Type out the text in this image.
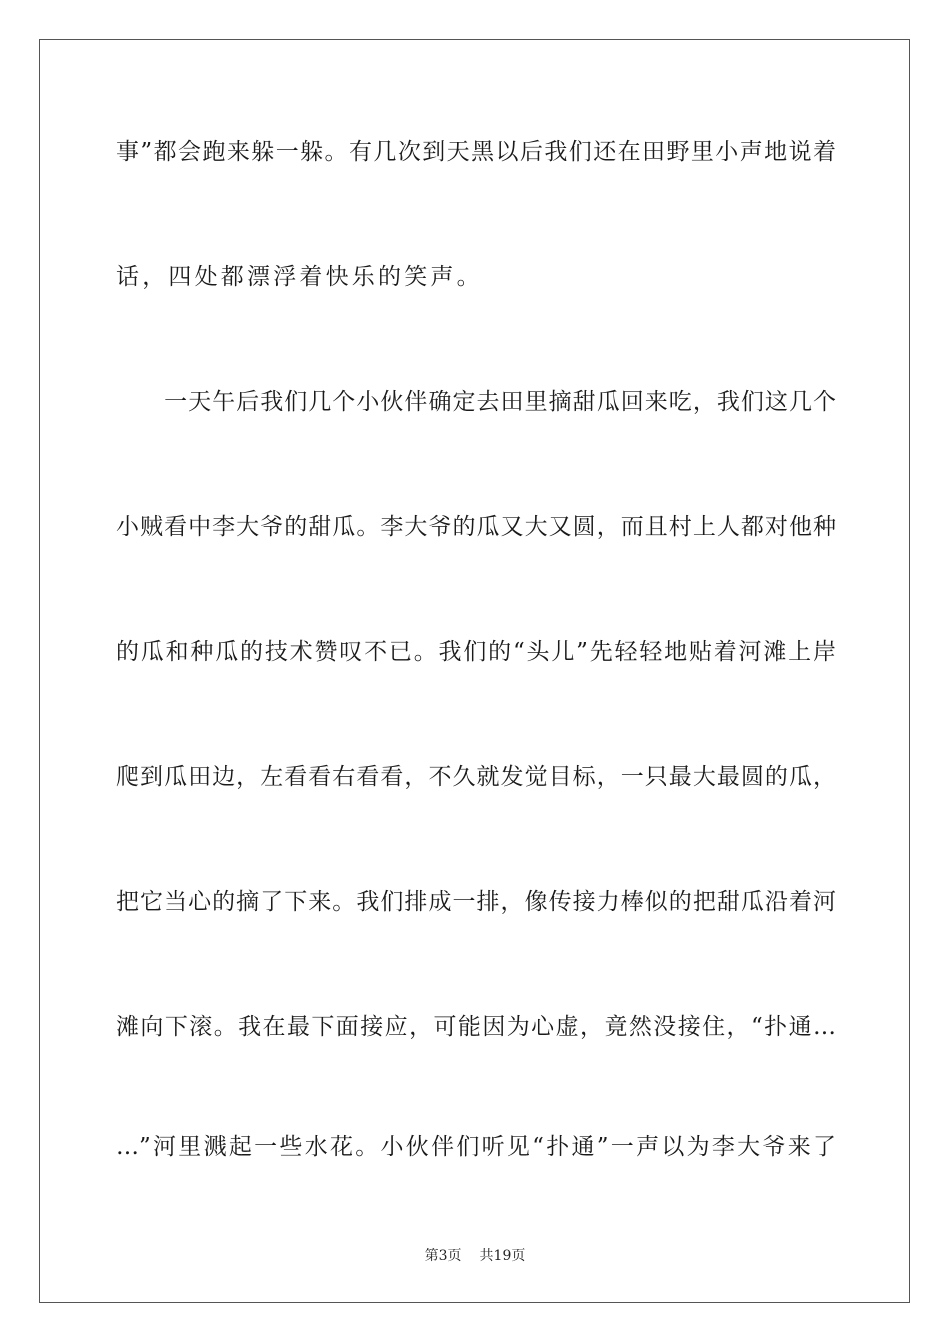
事”都会跑来躲一躲。有几次到天黑以后我们还在田野里小声地说着
话，四处都漂浮着快乐的笑声。
　　一天午后我们几个小伙伴确定去田里摘甜瓜回来吃，我们这几个
小贼看中李大爷的甜瓜。李大爷的瓜又大又圆，而且村上人都对他种
的瓜和种瓜的技术赞叹不已。我们的“头儿”先轻轻地贴着河滩上岸
爬到瓜田边，左看看右看看，不久就发觉目标，一只最大最圆的瓜，
把它当心的摘了下来。我们排成一排，像传接力棒似的把甜瓜沿着河
滩向下滚。我在最下面接应，可能因为心虚，竟然没接住，“扑通…
…”河里溅起一些水花。小伙伴们听见“扑通”一声以为李大爷来了
第3页 共19页
